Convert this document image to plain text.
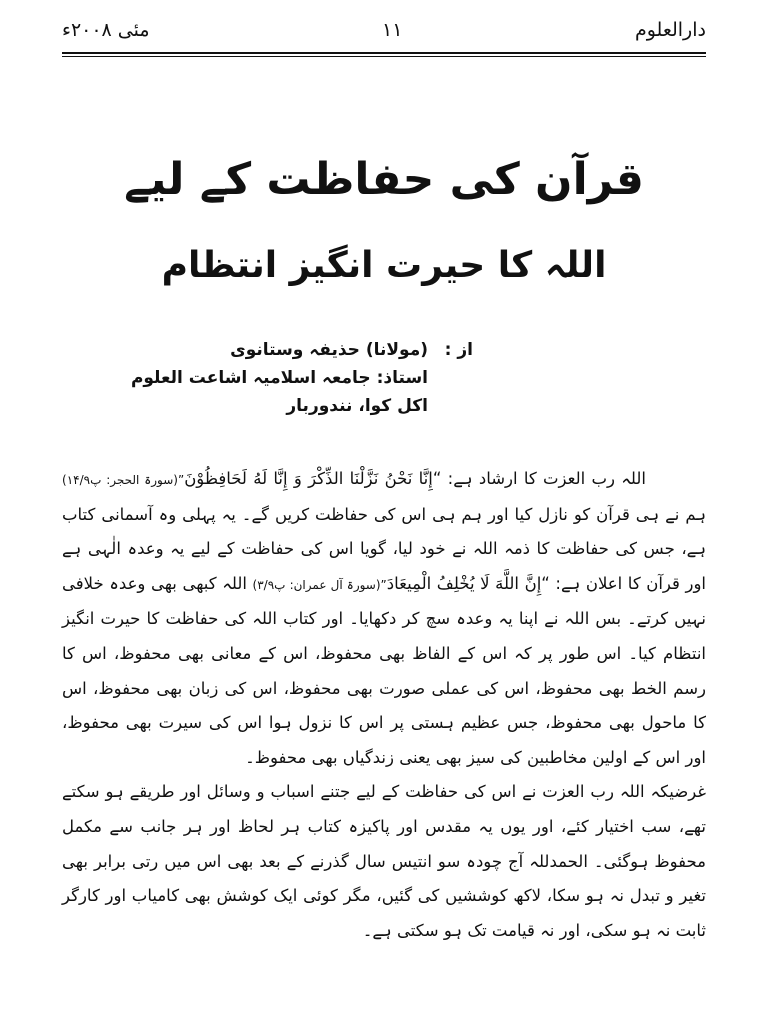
مئی ۲۰۰۸ء	۱۱	دارالعلوم
قرآن کی حفاظت کے لیے
اللہ کا حیرت انگیز انتظام
از :
(مولانا) حذیفہ وستانوی
استاذ: جامعہ اسلامیہ اشاعت العلوم
اکل کوا، نندوربار

اللہ رب العزت کا ارشاد ہے: “إِنَّا نَحْنُ نَزَّلْنَا الذِّكْرَ وَ إِنَّا لَهُ لَحَافِظُوْنَ”(سورۃ الحجر: پ۱۴/۹) ہم نے ہی قرآن کو نازل کیا اور ہم ہی اس کی حفاظت کریں گے۔ یہ پہلی وہ آسمانی کتاب ہے، جس کی حفاظت کا ذمہ اللہ نے خود لیا، گویا اس کی حفاظت کے لیے یہ وعدہ الٰہی ہے اور قرآن کا اعلان ہے: “إِنَّ اللَّهَ لَا يُخْلِفُ الْمِيعَادَ”(سورۃ آل عمران: پ۳/۹) اللہ کبھی بھی وعدہ خلافی نہیں کرتے۔ بس اللہ نے اپنا یہ وعدہ سچ کر دکھایا۔ اور کتاب اللہ کی حفاظت کا حیرت انگیز انتظام کیا۔ اس طور پر کہ اس کے الفاظ بھی محفوظ، اس کے معانی بھی محفوظ، اس کا رسم الخط بھی محفوظ، اس کی عملی صورت بھی محفوظ، اس کی زبان بھی محفوظ، اس کا ماحول بھی محفوظ، جس عظیم ہستی پر اس کا نزول ہوا اس کی سیرت بھی محفوظ، اور اس کے اولین مخاطبین کی سیز بھی یعنی زندگیاں بھی محفوظ۔

غرضیکہ اللہ رب العزت نے اس کی حفاظت کے لیے جتنے اسباب و وسائل اور طریقے ہو سکتے تھے، سب اختیار کئے، اور یوں یہ مقدس اور پاکیزہ کتاب ہر لحاظ اور ہر جانب سے مکمل محفوظ ہوگئی۔ الحمدللہ آج چودہ سو انتیس سال گذرنے کے بعد بھی اس میں رتی برابر بھی تغیر و تبدل نہ ہو سکا، لاکھ کوششیں کی گئیں، مگر کوئی ایک کوشش بھی کامیاب اور کارگر ثابت نہ ہو سکی، اور نہ قیامت تک ہو سکتی ہے۔
